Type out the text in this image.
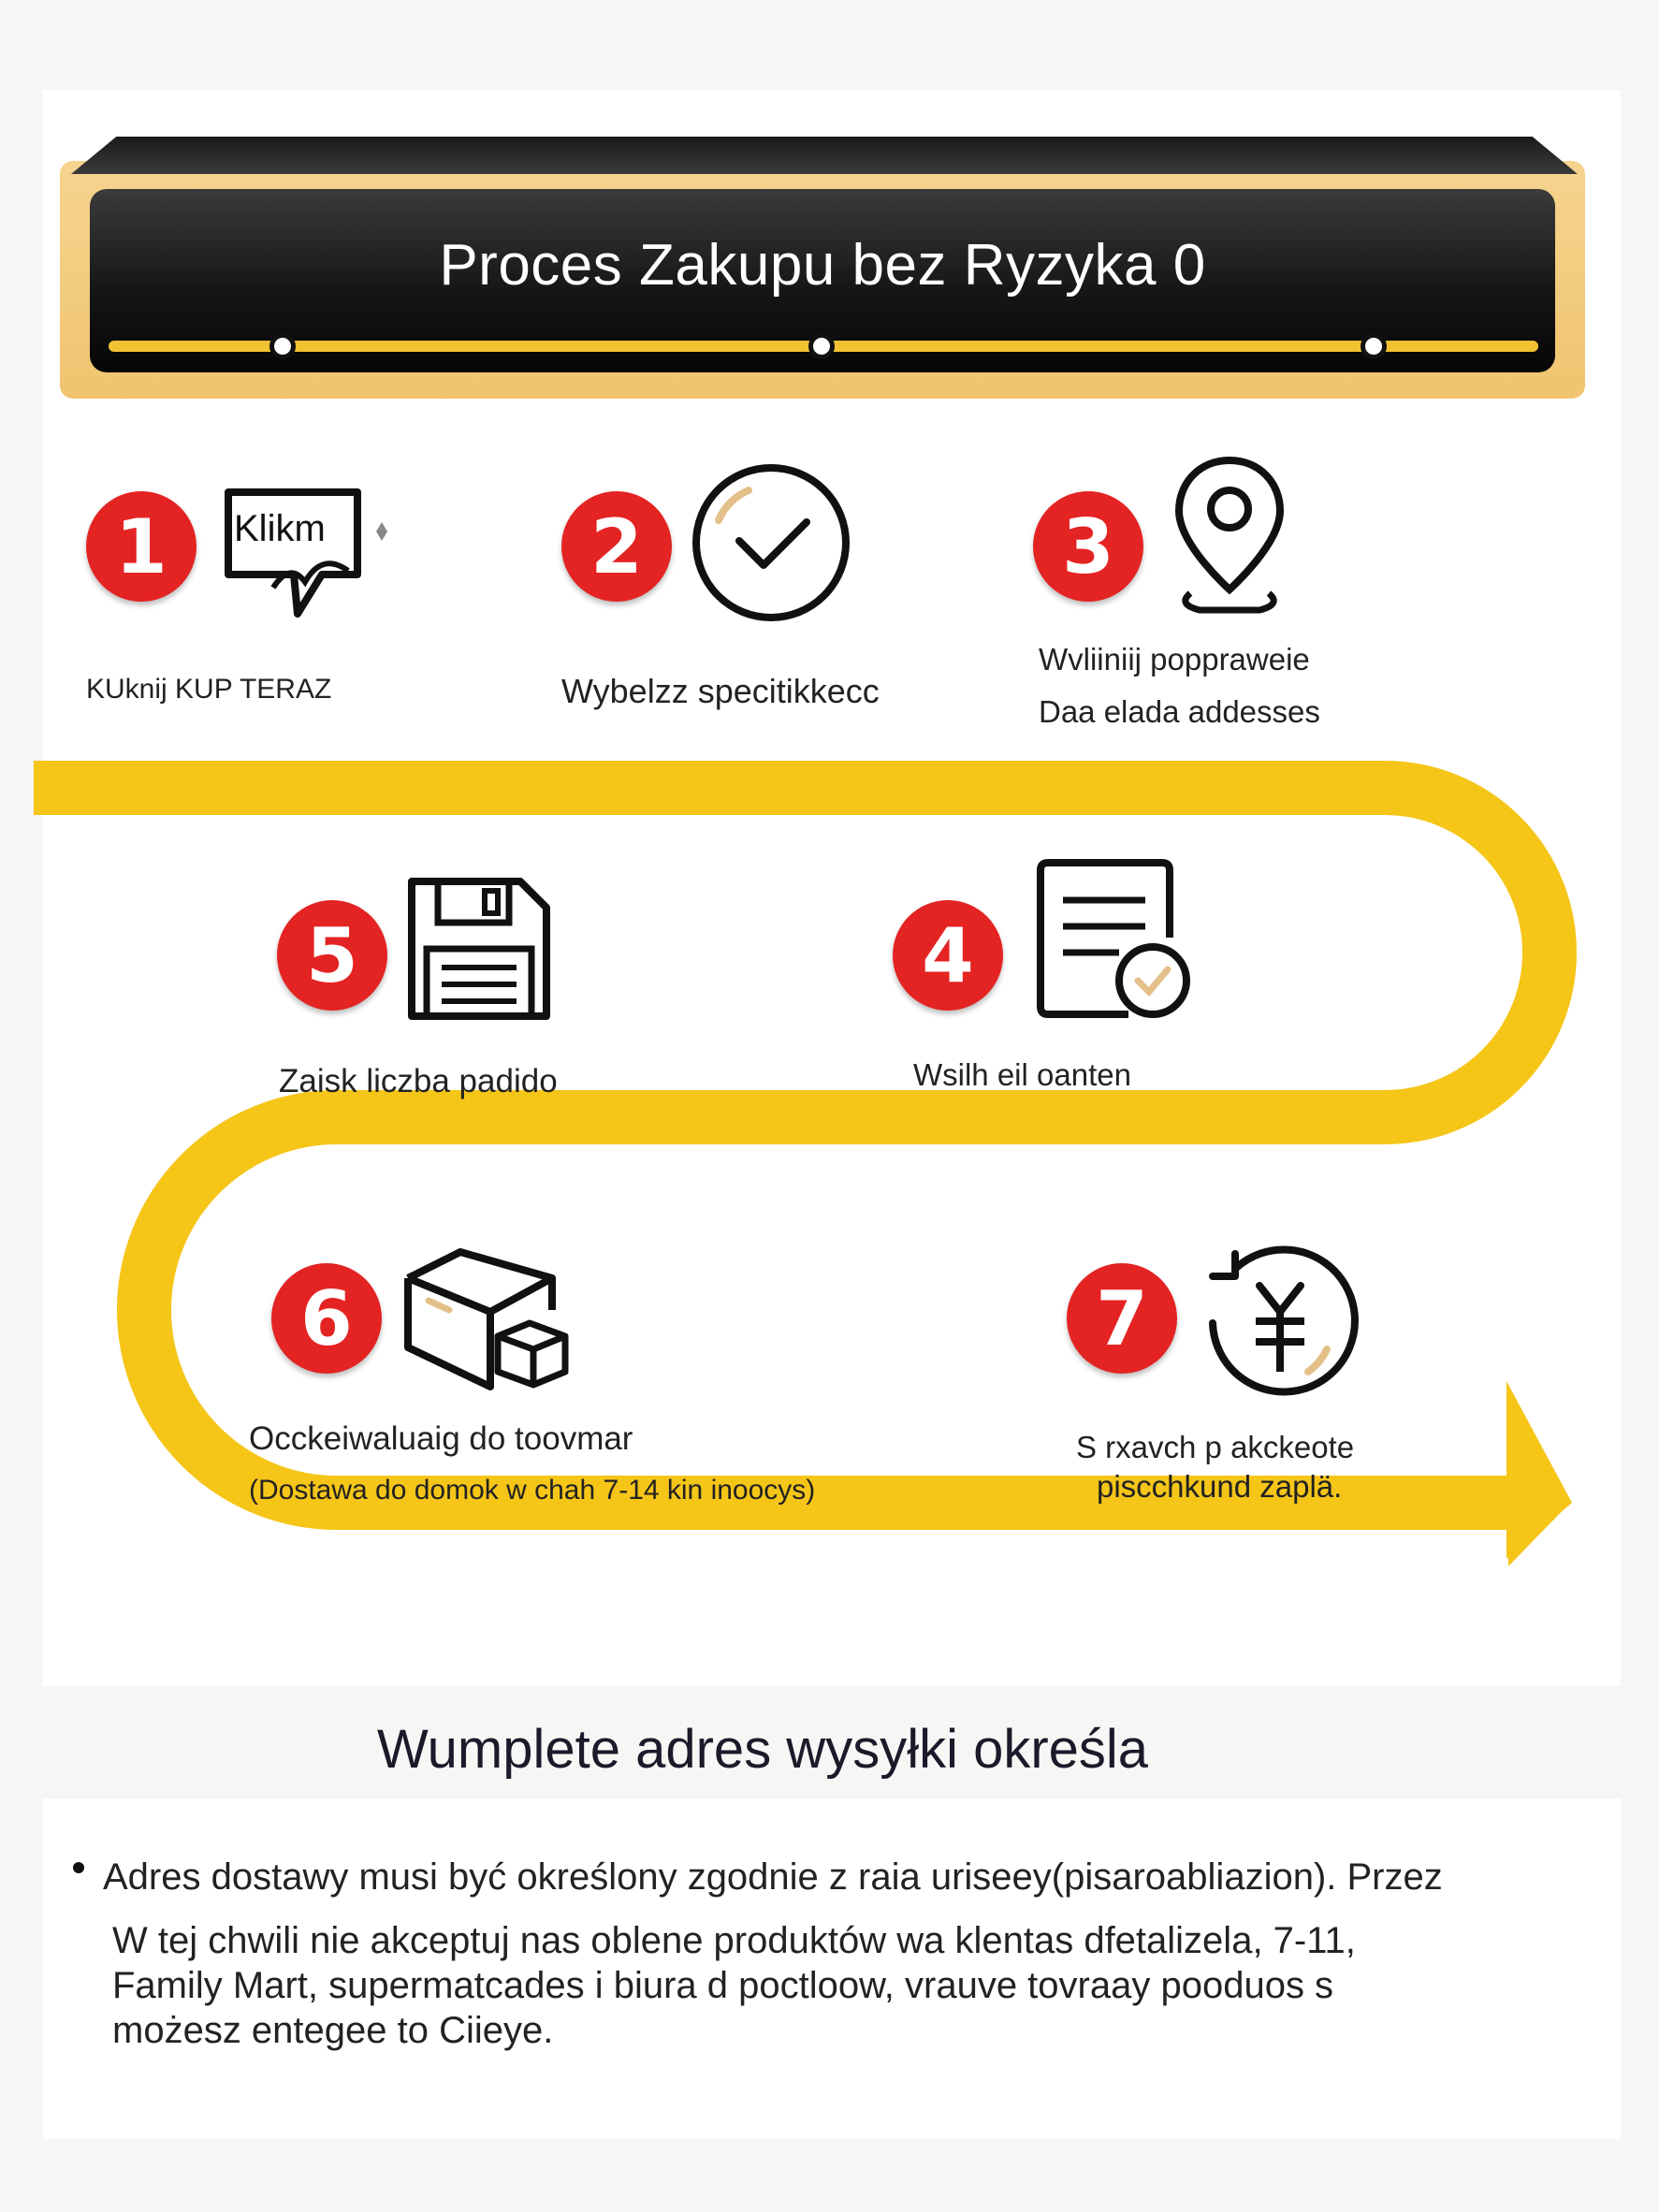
Proces Zakupu bez Ryzyka 0
1	Klikm
KUknij KUP TERAZ
2
Wybelzz specitikkecc
3
Wvliiniij poppraweie
Daa elada addesses
4
Wsilh eil oanten
5
Zaisk liczba padido
6
Occkeiwaluaig do toovmar
(Dostawa do domok w chah 7-14 kin inoocys)
7
S rxavch p akckeote
piscchkund zaplä.
Wumplete adres wysyłki określa
Adres dostawy musi być określony zgodnie z raia uriseey(pisaroabliazion). Przez
W tej chwili nie akceptuj nas oblene produktów wa klentas dfetalizela, 7-11,
Family Mart, supermatcades i biura d poctloow, vrauve tovraay pooduos s
możesz entegee to Ciieye.
